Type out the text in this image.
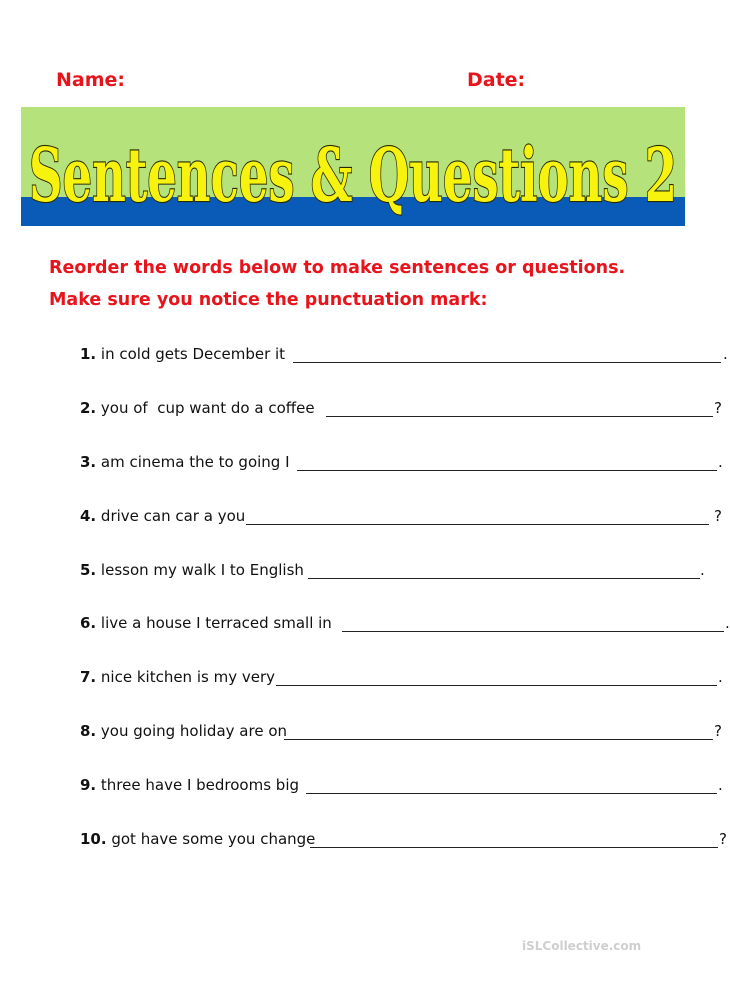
Name:	Date:
Sentences & Questions 2
Reorder the words below to make sentences or questions.
Make sure you notice the punctuation mark:
1. in cold gets December it	.
2. you of  cup want do a coffee	?
3. am cinema the to going I	.
4. drive can car a you	?
5. lesson my walk I to English	.
6. live a house I terraced small in	.
7. nice kitchen is my very	.
8. you going holiday are on	?
9. three have I bedrooms big	.
10. got have some you change	?
iSLCollective.com
